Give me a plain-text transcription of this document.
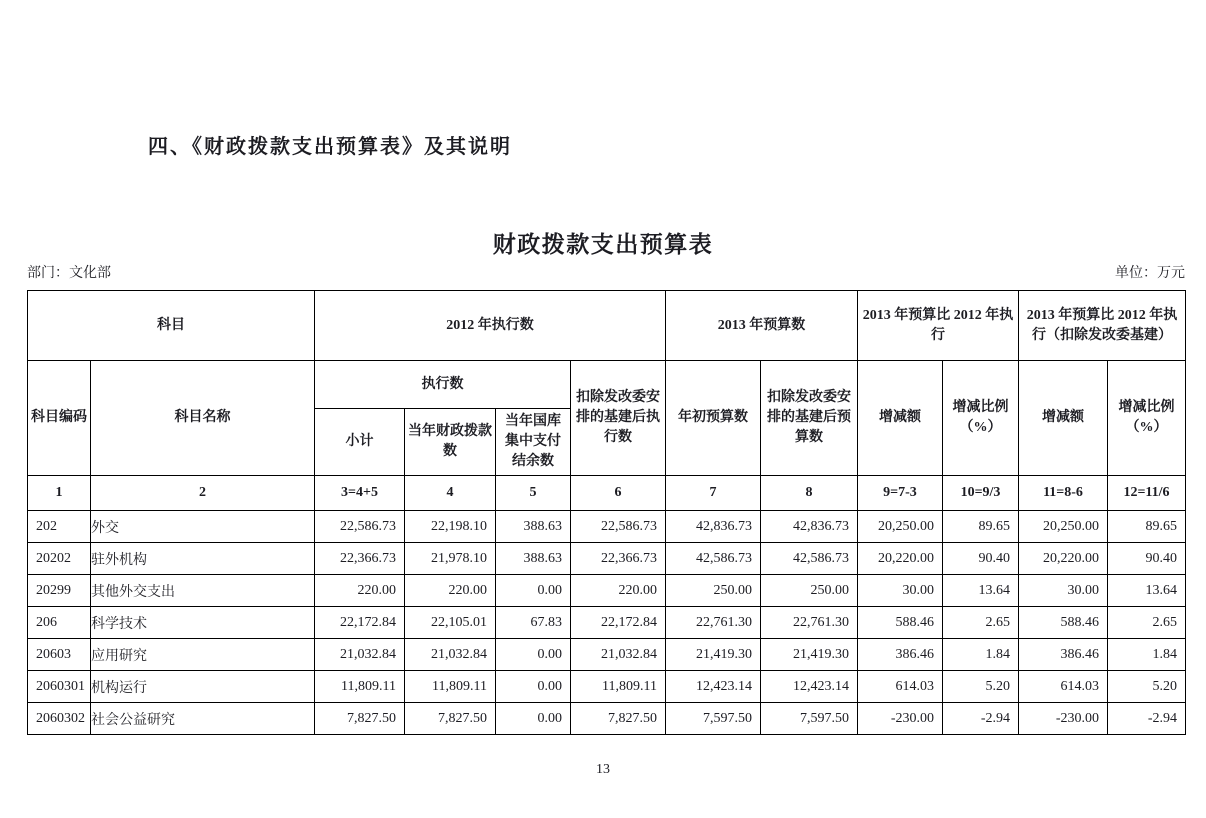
四、《财政拨款支出预算表》及其说明
财政拨款支出预算表
部门：文化部	单位：万元
科目		2012 年执行数				2013 年预算数		2013 年预算比 2012 年执行		2013 年预算比 2012 年执行（扣除发改委基建）	
科目编码	科目名称	执行数			扣除发改委安排的基建后执行数	年初预算数	扣除发改委安排的基建后预算数	增减额	增减比例（%）	增减额	增减比例（%）
		小计	当年财政拨款数	当年国库集中支付结余数							
1	2	3=4+5	4	5	6	7	8	9=7-3	10=9/3	11=8-6	12=11/6
202	外交	22,586.73	22,198.10	388.63	22,586.73	42,836.73	42,836.73	20,250.00	89.65	20,250.00	89.65
20202	驻外机构	22,366.73	21,978.10	388.63	22,366.73	42,586.73	42,586.73	20,220.00	90.40	20,220.00	90.40
20299	其他外交支出	220.00	220.00	0.00	220.00	250.00	250.00	30.00	13.64	30.00	13.64
206	科学技术	22,172.84	22,105.01	67.83	22,172.84	22,761.30	22,761.30	588.46	2.65	588.46	2.65
20603	应用研究	21,032.84	21,032.84	0.00	21,032.84	21,419.30	21,419.30	386.46	1.84	386.46	1.84
2060301	机构运行	11,809.11	11,809.11	0.00	11,809.11	12,423.14	12,423.14	614.03	5.20	614.03	5.20
2060302	社会公益研究	7,827.50	7,827.50	0.00	7,827.50	7,597.50	7,597.50	-230.00	-2.94	-230.00	-2.94
13
